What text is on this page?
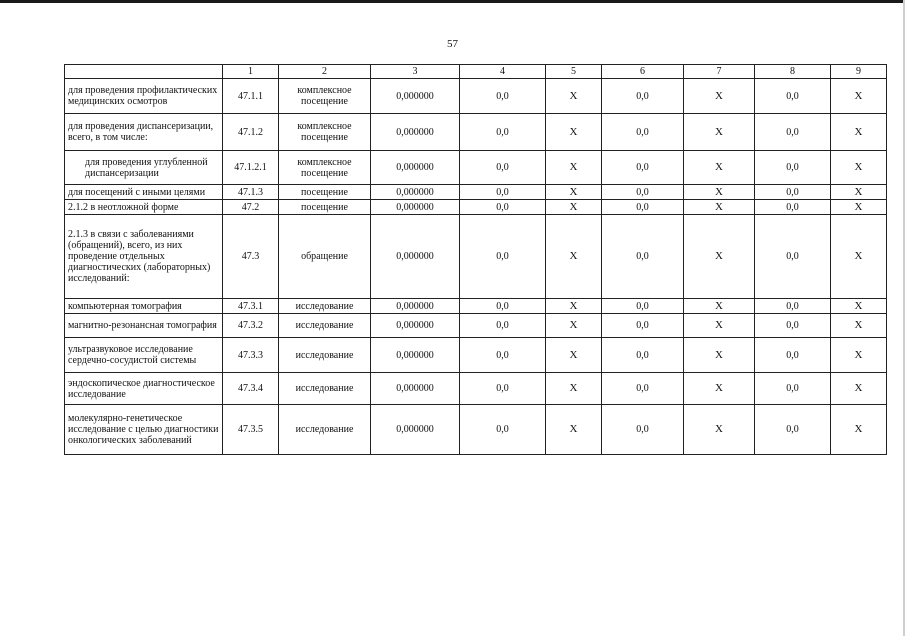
57
	1	2	3	4	5	6	7	8	9
для проведения профилактических медицинских осмотров	47.1.1	комплексное посещение	0,000000	0,0	Х	0,0	Х	0,0	Х
для проведения диспансеризации, всего, в том числе:	47.1.2	комплексное посещение	0,000000	0,0	Х	0,0	Х	0,0	Х
для проведения углубленной диспансеризации	47.1.2.1	комплексное посещение	0,000000	0,0	Х	0,0	Х	0,0	Х
для посещений с иными целями	47.1.3	посещение	0,000000	0,0	Х	0,0	Х	0,0	Х
2.1.2 в неотложной форме	47.2	посещение	0,000000	0,0	Х	0,0	Х	0,0	Х
2.1.3 в связи с заболеваниями (обращений), всего, из них проведение отдельных диагностических (лабораторных) исследований:	47.3	обращение	0,000000	0,0	Х	0,0	Х	0,0	Х
компьютерная томография	47.3.1	исследование	0,000000	0,0	Х	0,0	Х	0,0	Х
магнитно-резонансная томография	47.3.2	исследование	0,000000	0,0	Х	0,0	Х	0,0	Х
ультразвуковое исследование сердечно-сосудистой системы	47.3.3	исследование	0,000000	0,0	Х	0,0	Х	0,0	Х
эндоскопическое диагностическое исследование	47.3.4	исследование	0,000000	0,0	Х	0,0	Х	0,0	Х
молекулярно-генетическое исследование с целью диагностики онкологических заболеваний	47.3.5	исследование	0,000000	0,0	Х	0,0	Х	0,0	Х
